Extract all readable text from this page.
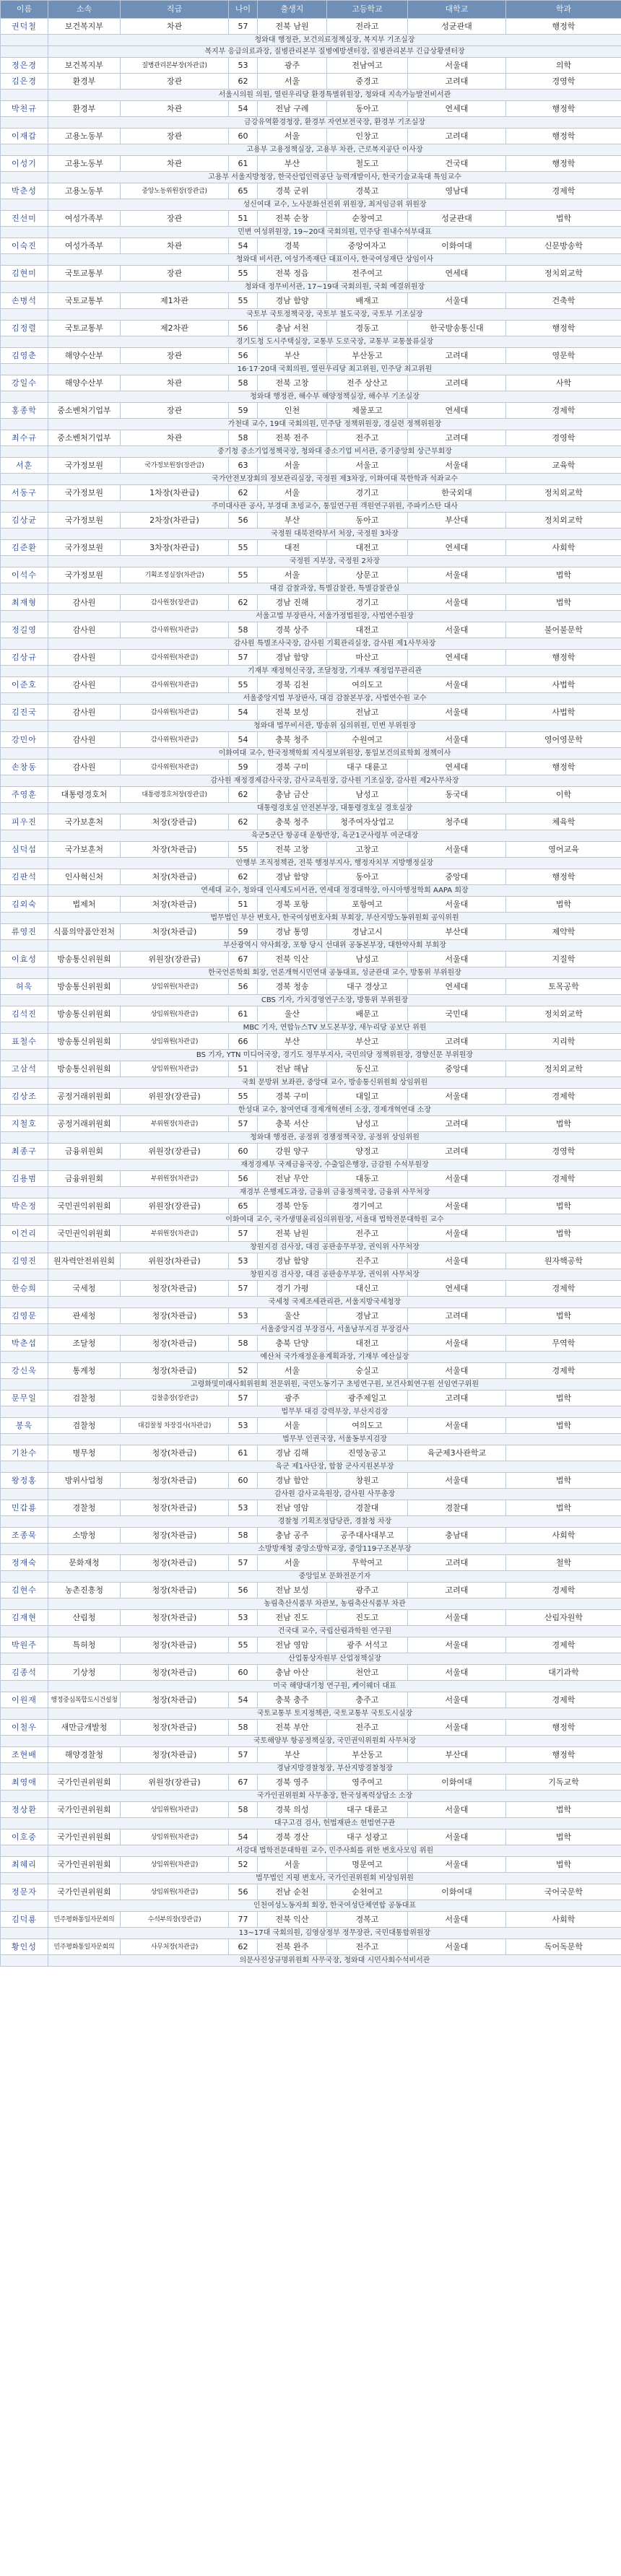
이름	소속	직급	나이	출생지	고등학교	대학교	학과
권덕철	보건복지부	차관	57	전북 남원	전라고	성균관대	행정학
	청와대 행정관, 보건의료정책실장, 복지부 기조실장						
	복지부 응급의료과장, 질병관리본부 질병예방센터장, 질병관리본부 긴급상황센터장						
정은경	보건복지부	질병관리본부장(차관급)	53	광주	전남여고	서울대	의학
김은경	환경부	장관	62	서울	중경고	고려대	경영학
	서울시의원 의원, 열린우리당 환경특별위원장, 청와대 지속가능발전비서관						
박천규	환경부	차관	54	전남 구례	동아고	연세대	행정학
	금강유역환경청장, 환경부 자연보전국장, 환경부 기조실장						
이재갑	고용노동부	장관	60	서울	인창고	고려대	행정학
	고용부 고용정책실장, 고용부 차관, 근로복지공단 이사장						
이성기	고용노동부	차관	61	부산	철도고	건국대	행정학
	고용부 서울지방청장, 한국산업인력공단 능력개발이사, 한국기술교육대 특임교수						
박춘성	고용노동부	중앙노동위원장(장관급)	65	경북 군위	경북고	영남대	경제학
	성신여대 교수, 노사문화선진위 위원장, 최저임금위 위원장						
진선미	여성가족부	장관	51	전북 순창	순창여고	성균관대	법학
	민변 여성위원장, 19~20대 국회의원, 민주당 원내수석부대표						
이숙진	여성가족부	차관	54	경북	중앙여자고	이화여대	신문방송학
	청와대 비서관, 여성가족재단 대표이사, 한국여성재단 상임이사						
김현미	국토교통부	장관	55	전북 정읍	전주여고	연세대	정치외교학
	청와대 정무비서관, 17~19대 국회의원, 국회 예결위원장						
손병석	국토교통부	제1차관	55	경남 함양	배재고	서울대	건축학
	국토부 국토정책국장, 국토부 철도국장, 국토부 기조실장						
김정렬	국토교통부	제2차관	56	충남 서천	경동고	한국방송통신대	행정학
	경기도청 도시주택실장, 교통부 도로국장, 교통부 교통물류실장						
김영춘	해양수산부	장관	56	부산	부산동고	고려대	영문학
	16·17·20대 국회의원, 열린우리당 최고위원, 민주당 최고위원						
강일수	해양수산부	차관	58	전북 고창	전주 상산고	고려대	사학
	청와대 행정관, 해수부 해양정책실장, 해수부 기조실장						
홍종학	중소벤처기업부	장관	59	인천	제물포고	연세대	경제학
	가천대 교수, 19대 국회의원, 민주당 정책위원장, 경실련 정책위원장						
최수규	중소벤처기업부	차관	58	전북 전주	전주고	고려대	경영학
	중기청 중소기업정책국장, 청와대 중소기업 비서관, 중기중앙회 상근부회장						
서훈	국가정보원	국가정보원장(장관급)	63	서울	서울고	서울대	교육학
	국가안전보장회의 정보관리실장, 국정원 제3차장, 이화여대 북한학과 석좌교수						
서동구	국가정보원	1차장(차관급)	62	서울	경기고	한국외대	정치외교학
	주미대사관 공사, 부경대 초빙교수, 통일연구원 객원연구위원, 주파키스탄 대사						
김상균	국가정보원	2차장(차관급)	56	부산	동아고	부산대	정치외교학
	국정원 대북전략부서 처장, 국정원 3차장						
김준환	국가정보원	3차장(차관급)	55	대전	대전고	연세대	사회학
	국정원 지부장, 국정원 2차장						
이석수	국가정보원	기획조정실장(차관급)	55	서울	상문고	서울대	법학
	대검 감찰과장, 특별감찰관, 특별감찰관실						
최재형	감사원	감사원장(장관급)	62	경남 진해	경기고	서울대	법학
	서울고법 부장판사, 서울가정법원장, 사법연수원장						
정길영	감사원	감사위원(차관급)	58	경북 상주	대전고	서울대	불어불문학
	감사원 특별조사국장, 감사원 기획관리실장, 감사원 제1사무차장						
김상규	감사원	감사위원(차관급)	57	경남 함양	마산고	연세대	행정학
	기재부 재정혁신국장, 조달청장, 기재부 재정업무관리관						
이준호	감사원	감사위원(차관급)	55	경북 김천	여의도고	서울대	사법학
	서울중앙지법 부장판사, 대검 감찰본부장, 사법연수원 교수						
김진국	감사원	감사위원(차관급)	54	전북 보성	전남고	서울대	사법학
	청와대 법무비서관, 방송위 심의위원, 민변 부위원장						
강민아	감사원	감사위원(차관급)	54	충북 청주	수원여고	서울대	영어영문학
	이화여대 교수, 한국정책학회 지식정보위원장, 통일보건의료학회 정책이사						
손창동	감사원	감사위원(차관급)	59	경북 구미	대구 대륜고	연세대	행정학
	감사원 재정경제감사국장, 감사교육원장, 감사원 기조실장, 감사원 제2사무차장						
주영훈	대통령경호처	대통령경호처장(장관급)	62	충남 금산	남성고	동국대	이학
	대통령경호실 안전본부장, 대통령경호실 경호실장						
피우진	국가보훈처	처장(장관급)	62	충북 청주	청주여자상업고	청주대	체육학
	육군5군단 항공대 운항반장, 육군1군사령부 여군대장						
심덕섭	국가보훈처	차장(차관급)	55	전북 고창	고창고	서울대	영어교육
	안행부 조직정책관, 전북 행정부지사, 행정자치부 지방행정실장						
김판석	인사혁신처	처장(차관급)	62	경남 함양	동아고	중앙대	행정학
	연세대 교수, 청와대 인사제도비서관, 연세대 정경대학장, 아시아행정학회 AAPA 회장						
김외숙	법제처	처장(차관급)	51	경북 포항	포항여고	서울대	법학
	법무법인 부산 변호사, 한국여성변호사회 부회장, 부산지방노동위원회 공익위원						
류영진	식품의약품안전처	처장(차관급)	59	경남 통영	경남고시	부산대	제약학
	부산광역시 약사회장, 포항 당시 선대위 공동본부장, 대한약사회 부회장						
이효성	방송통신위원회	위원장(장관급)	67	전북 익산	남성고	서울대	지질학
	한국언론학회 회장, 언론개혁시민연대 공동대표, 성균관대 교수, 방통위 부위원장						
허욱	방송통신위원회	상임위원(차관급)	56	경북 청송	대구 경상고	연세대	토목공학
	CBS 기자, 가치경영연구소장, 방통위 부위원장						
김석진	방송통신위원회	상임위원(차관급)	61	울산	배문고	국민대	정치외교학
	MBC 기자, 연합뉴스TV 보도본부장, 새누리당 공보단 위원						
표철수	방송통신위원회	상임위원(차관급)	66	부산	부산고	고려대	지리학
	BS 기자, YTN 미디어국장, 경기도 정무부지사, 국민의당 정책위원장, 경향신문 부위원장						
고삼석	방송통신위원회	상임위원(차관급)	51	전남 해남	동신고	중앙대	정치외교학
	국회 문방위 보좌관, 중앙대 교수, 방송통신위원회 상임위원						
김상조	공정거래위원회	위원장(장관급)	55	경북 구미	대일고	서울대	경제학
	한성대 교수, 참여연대 경제개혁센터 소장, 경제개혁연대 소장						
지철호	공정거래위원회	부위원장(차관급)	57	충북 서산	남성고	고려대	법학
	청와대 행정관, 공정위 경쟁정책국장, 공정위 상임위원						
최종구	금융위원회	위원장(장관급)	60	강원 양구	양정고	고려대	경영학
	재정경제부 국제금융국장, 수출입은행장, 금감원 수석부원장						
김용범	금융위원회	부위원장(차관급)	56	전남 무안	대동고	서울대	경제학
	재경부 은행제도과장, 금융위 금융정책국장, 금융위 사무처장						
박은정	국민권익위원회	위원장(장관급)	65	경북 안동	경기여고	서울대	법학
	이화여대 교수, 국가생명윤리심의위원장, 서울대 법학전문대학원 교수						
이건리	국민권익위원회	부위원장(차관급)	57	전북 남원	전주고	서울대	법학
	창원지검 검사장, 대검 공판송무부장, 권익위 사무처장						
김영진	원자력안전위원회	위원장(차관급)	53	경남 함양	진주고	서울대	원자핵공학
	창원지검 검사장, 대검 공판송무부장, 권익위 사무처장						
한승희	국세청	청장(차관급)	57	경기 가평	대신고	연세대	경제학
	국세청 국제조세관리관, 서울지방국세청장						
김영문	관세청	청장(차관급)	53	울산	경남고	고려대	법학
	서울중앙지검 부장검사, 서울남부지검 부장검사						
박춘섭	조달청	청장(차관급)	58	충북 단양	대전고	서울대	무역학
	예산처 국가재정운용계획과장, 기재부 예산실장						
강신욱	통계청	청장(차관급)	52	서울	숭실고	서울대	경제학
	고령화및미래사회위원회 전문위원, 국민노동기구 초빙연구원, 보건사회연구원 선임연구위원						
문무일	검찰청	검찰총장(장관급)	57	광주	광주제일고	고려대	법학
	법무부 대검 강력부장, 부산지검장						
봉욱	검찰청	대검찰청 차장검사(차관급)	53	서울	여의도고	서울대	법학
	법무부 인권국장, 서울동부지검장						
기찬수	병무청	청장(차관급)	61	경남 김해	진영농공고	육군제3사관학교	
	육군 제1사단장, 합참 군사지원본부장						
왕정홍	방위사업청	청장(차관급)	60	경남 함안	창원고	서울대	법학
	감사원 감사교육원장, 감사원 사무총장						
민갑룡	경찰청	청장(차관급)	53	전남 영암	경찰대	경찰대	법학
	경찰청 기획조정담당관, 경찰청 차장						
조종묵	소방청	청장(차관급)	58	충남 공주	공주대사대부고	충남대	사회학
	소방방재청 중앙소방학교장, 중앙119구조본부장						
정재숙	문화재청	청장(차관급)	57	서울	무학여고	고려대	철학
	중앙일보 문화전문기자						
김현수	농촌진흥청	청장(차관급)	56	전남 보성	광주고	고려대	경제학
	농림축산식품부 차관보, 농림축산식품부 차관						
김재현	산림청	청장(차관급)	53	전남 진도	진도고	서울대	산림자원학
	건국대 교수, 국립산림과학원 연구원						
박원주	특허청	청장(차관급)	55	전남 영암	광주 서석고	서울대	경제학
	산업통상자원부 산업정책실장						
김종석	기상청	청장(차관급)	60	충남 아산	천안고	서울대	대기과학
	미국 해양대기청 연구원, 케이웨더 대표						
이원재	행정중심복합도시건설청	청장(차관급)	54	충북 충주	충주고	서울대	경제학
	국토교통부 토지정책관, 국토교통부 국토도시실장						
이철우	새만금개발청	청장(차관급)	58	전북 부안	전주고	서울대	행정학
	국토해양부 항공정책실장, 국민권익위원회 사무처장						
조현배	해양경찰청	청장(차관급)	57	부산	부산동고	부산대	행정학
	경남지방경찰청장, 부산지방경찰청장						
최영애	국가인권위원회	위원장(장관급)	67	경북 영주	영주여고	이화여대	기독교학
	국가인권위원회 사무총장, 한국성폭력상담소 소장						
정상환	국가인권위원회	상임위원(차관급)	58	경북 의성	대구 대륜고	서울대	법학
	대구고검 검사, 헌법재판소 헌법연구관						
이호중	국가인권위원회	상임위원(차관급)	54	경북 경산	대구 성광고	서울대	법학
	서강대 법학전문대학원 교수, 민주사회를 위한 변호사모임 위원						
최혜리	국가인권위원회	상임위원(차관급)	52	서울	명문여고	서울대	법학
	법무법인 지평 변호사, 국가인권위원회 비상임위원						
정문자	국가인권위원회	상임위원(차관급)	56	전남 순천	순천여고	이화여대	국어국문학
	인천여성노동자회 회장, 한국여성단체연합 공동대표						
김덕룡	민주평화통일자문회의	수석부의장(장관급)	77	전북 익산	경복고	서울대	사회학
	13~17대 국회의원, 김영삼정부 정무장관, 국민대통합위원장						
황인성	민주평화통일자문회의	사무처장(차관급)	62	전북 완주	전주고	서울대	독어독문학
	의문사진상규명위원회 사무국장, 청와대 시민사회수석비서관						
